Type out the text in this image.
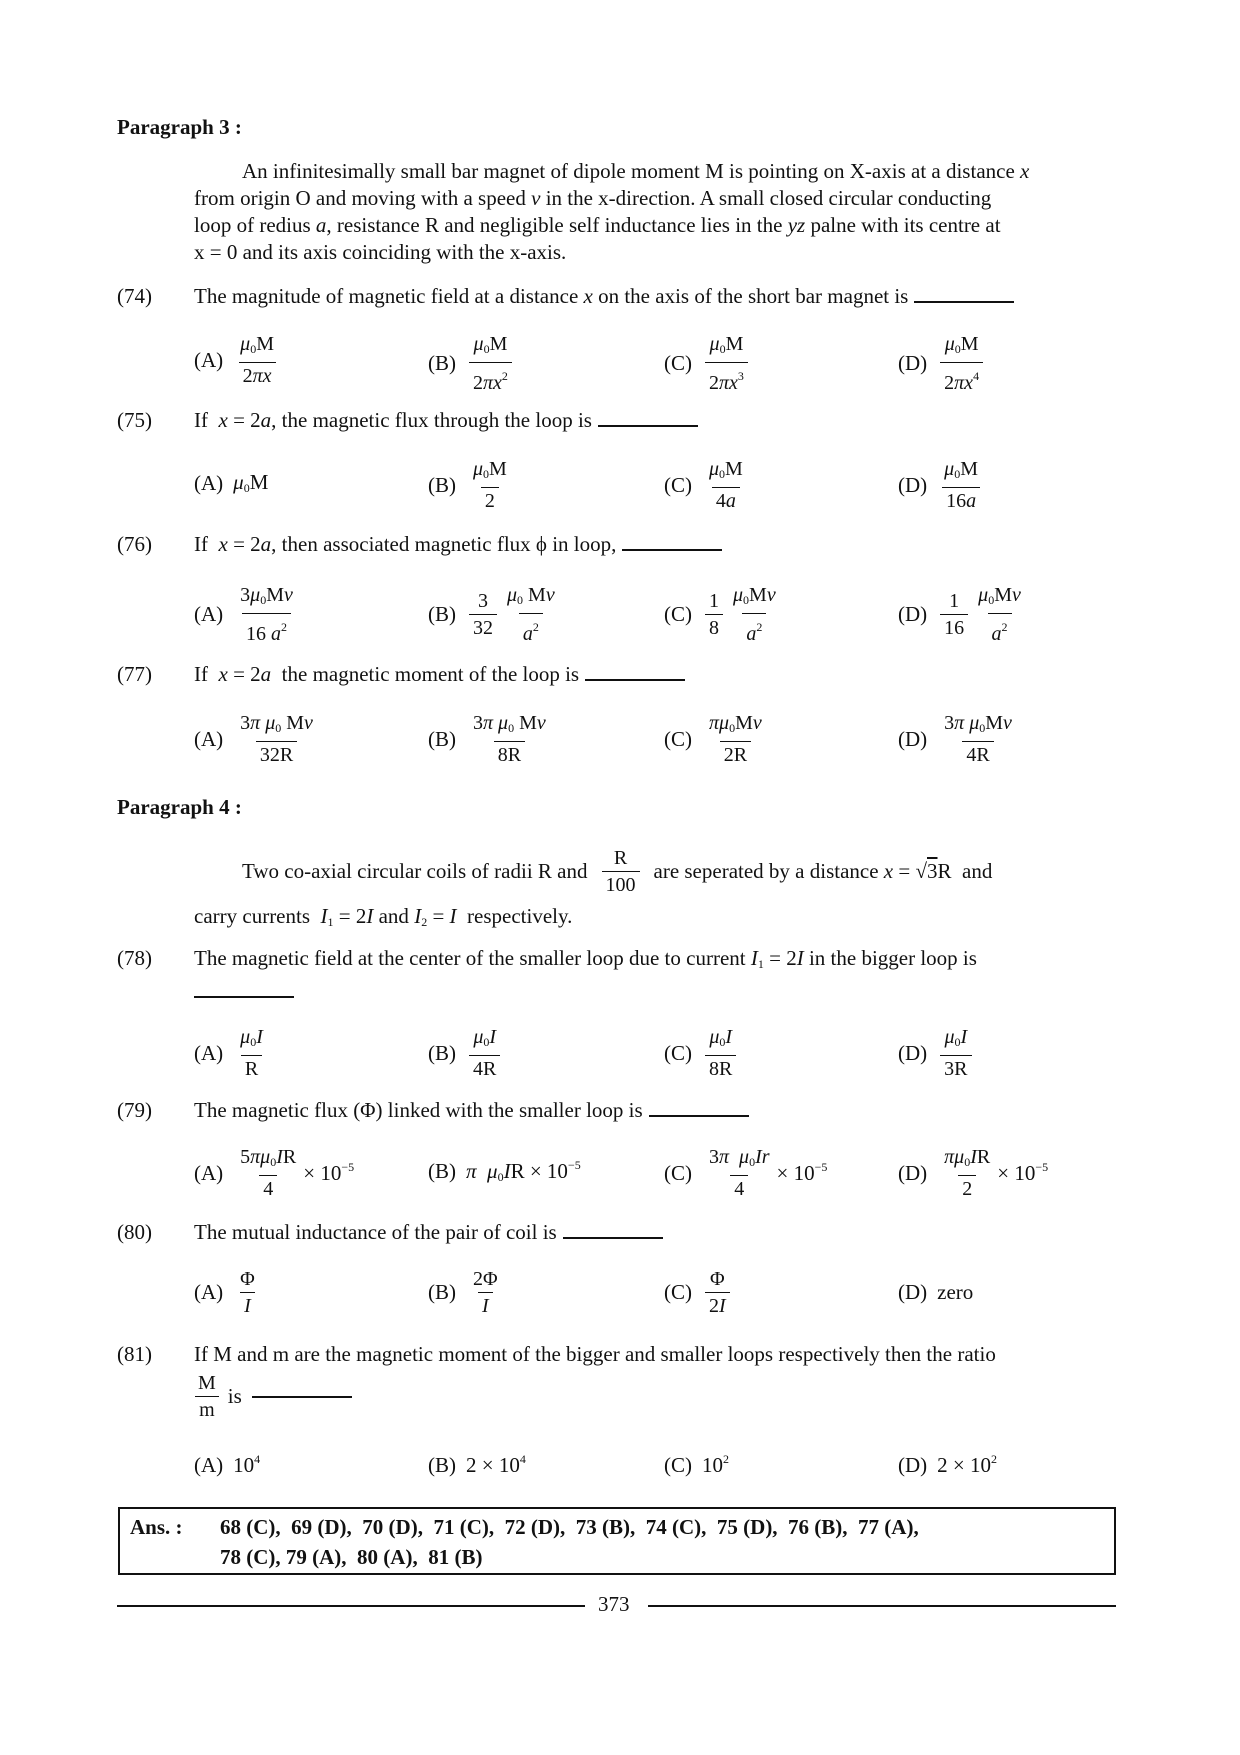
Paragraph 3 :
An infinitesimally small bar magnet of dipole moment M is pointing on X-axis at a distance x
from origin O and moving with a speed v in the x-direction. A small closed circular conducting
loop of redius a, resistance R and negligible self inductance lies in the yz palne with its centre at
x = 0 and its axis coinciding with the x-axis.
(74) The magnitude of magnetic field at a distance x on the axis of the short bar magnet is
$(A) \frac{\mu 0M}{2\pi x}$	$(B) \frac{\mu 0M}{2\pi x^2}$	$(C) \frac{\mu 0M}{2\pi x^3}$	$(D) \frac{\mu 0M}{2\pi x^4}$
(75) If  x = 2a, the magnetic flux through the loop is
(A) μ0M	$(B) \frac{\mu 0M}{2}$	$(C) \frac{\mu 0M}{4a}$	$(D) \frac{\mu 0M}{16a}$
(76) If  x = 2a, then associated magnetic flux ϕ in loop,
$(A) \frac{3\mu 0Mv}{16 a^2}$	$(B) \frac{3}{32} \frac{\mu 0 Mv}{a^2}$	$(C) \frac{1}{8} \frac{\mu 0Mv}{a^2}$	$(D) \frac{1}{16} \frac{\mu 0Mv}{a^2}$
(77) If  x = 2a  the magnetic moment of the loop is
$(A) \frac{\text{3π μ0 Mv}}{32R}$	$(B) \frac{\text{3π μ0 Mv}}{8R}$	$(C) \frac{\pi\mu 0Mv}{2R}$	$(D) \frac{\text{3π μ0Mv}}{4R}$
Paragraph 4 :
Two co-axial circular coils of radii R and $\frac{R}{100}$ are seperated by a distance x = √3R  and
carry currents  I1 = 2I and I2 = I  respectively.
(78) The magnetic field at the center of the smaller loop due to current I1 = 2I in the bigger loop is
$(A) \frac{\mu 0I}{R}$	$(B) \frac{\mu 0I}{4R}$	$(C) \frac{\mu 0I}{8R}$	$(D) \frac{\mu 0I}{3R}$
(79) The magnetic flux (Φ) linked with the smaller loop is
$(A) \frac{5\pi\mu 0IR}{4} \times 10^{-5}$	(B) π $\mu 0IR \times 10^{-5}$	$(C) \frac{\text{3π μ0Ir}}{4} \times 10^{-5}$	$(D) \frac{\pi\mu 0IR}{2} \times 10^{-5}$
(80) The mutual inductance of the pair of coil is
$(A) \frac{\Phi}{I}$	$(B) \frac{2\Phi}{I}$	$(C) \frac{\Phi}{2I}$	(D) zero
(81) If M and m are the magnetic moment of the bigger and smaller loops respectively then the ratio
$\frac{M}{m}$ is
(A) $10^4$	(B) $2 \times 10^4$	(C) $10^2$	(D) $2 \times 10^2$
Ans. : 68 (C),  69 (D),  70 (D),  71 (C),  72 (D),  73 (B),  74 (C),  75 (D),  76 (B),  77 (A),
78 (C), 79 (A),  80 (A),  81 (B)
373
